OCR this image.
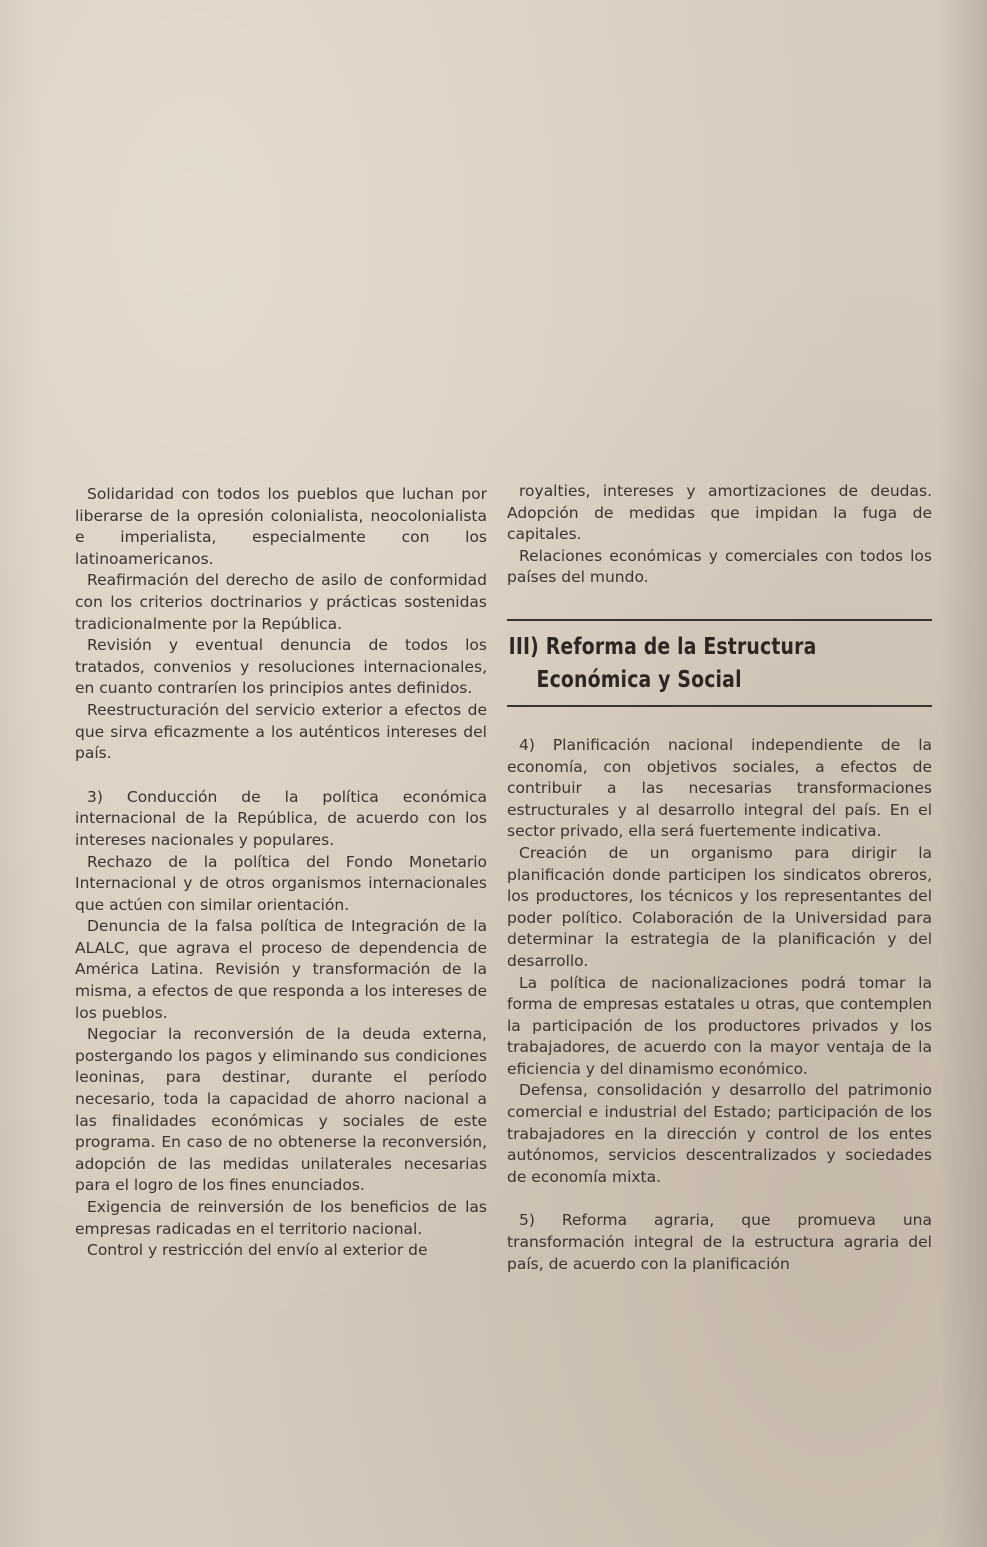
Solidaridad con todos los pueblos que luchan por liberarse de la opresión colonialista, neocolonialista e imperialista, especialmente con los latinoamericanos.

Reafirmación del derecho de asilo de conformidad con los criterios doctrinarios y prácticas sostenidas tradicionalmente por la República.

Revisión y eventual denuncia de todos los tratados, convenios y resoluciones internacionales, en cuanto contraríen los principios antes definidos.

Reestructuración del servicio exterior a efectos de que sirva eficazmente a los auténticos intereses del país.

3) Conducción de la política económica internacional de la República, de acuerdo con los intereses nacionales y populares.

Rechazo de la política del Fondo Monetario Internacional y de otros organismos internacionales que actúen con similar orientación.

Denuncia de la falsa política de Integración de la ALALC, que agrava el proceso de dependencia de América Latina. Revisión y transformación de la misma, a efectos de que responda a los intereses de los pueblos.

Negociar la reconversión de la deuda externa, postergando los pagos y eliminando sus condiciones leoninas, para destinar, durante el período necesario, toda la capacidad de ahorro nacional a las finalidades económicas y sociales de este programa. En caso de no obtenerse la reconversión, adopción de las medidas unilaterales necesarias para el logro de los fines enunciados.

Exigencia de reinversión de los beneficios de las empresas radicadas en el territorio nacional.

Control y restricción del envío al exterior de

royalties, intereses y amortizaciones de deudas. Adopción de medidas que impidan la fuga de capitales.

Relaciones económicas y comerciales con todos los países del mundo.

III) Reforma de la Estructura
Económica y Social

4) Planificación nacional independiente de la economía, con objetivos sociales, a efectos de contribuir a las necesarias transformaciones estructurales y al desarrollo integral del país. En el sector privado, ella será fuertemente indicativa.

Creación de un organismo para dirigir la planificación donde participen los sindicatos obreros, los productores, los técnicos y los representantes del poder político. Colaboración de la Universidad para determinar la estrategia de la planificación y del desarrollo.

La política de nacionalizaciones podrá tomar la forma de empresas estatales u otras, que contemplen la participación de los productores privados y los trabajadores, de acuerdo con la mayor ventaja de la eficiencia y del dinamismo económico.

Defensa, consolidación y desarrollo del patrimonio comercial e industrial del Estado; participación de los trabajadores en la dirección y control de los entes autónomos, servicios descentralizados y sociedades de economía mixta.

5) Reforma agraria, que promueva una transformación integral de la estructura agraria del país, de acuerdo con la planificación
